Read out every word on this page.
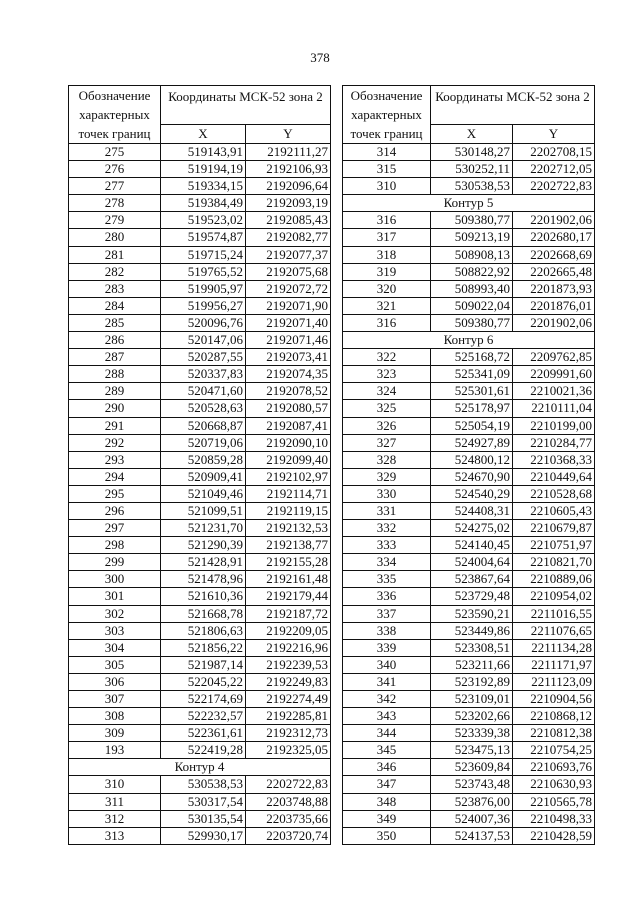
378
Обозначение характерных точек границ	Координаты МСК-52 зона 2	
	X	Y
275	519143,91	2192111,27
276	519194,19	2192106,93
277	519334,15	2192096,64
278	519384,49	2192093,19
279	519523,02	2192085,43
280	519574,87	2192082,77
281	519715,24	2192077,37
282	519765,52	2192075,68
283	519905,97	2192072,72
284	519956,27	2192071,90
285	520096,76	2192071,40
286	520147,06	2192071,46
287	520287,55	2192073,41
288	520337,83	2192074,35
289	520471,60	2192078,52
290	520528,63	2192080,57
291	520668,87	2192087,41
292	520719,06	2192090,10
293	520859,28	2192099,40
294	520909,41	2192102,97
295	521049,46	2192114,71
296	521099,51	2192119,15
297	521231,70	2192132,53
298	521290,39	2192138,77
299	521428,91	2192155,28
300	521478,96	2192161,48
301	521610,36	2192179,44
302	521668,78	2192187,72
303	521806,63	2192209,05
304	521856,22	2192216,96
305	521987,14	2192239,53
306	522045,22	2192249,83
307	522174,69	2192274,49
308	522232,57	2192285,81
309	522361,61	2192312,73
193	522419,28	2192325,05
Контур 4		
310	530538,53	2202722,83
311	530317,54	2203748,88
312	530135,54	2203735,66
313	529930,17	2203720,74
Обозначение характерных точек границ	Координаты МСК-52 зона 2	
	X	Y
314	530148,27	2202708,15
315	530252,11	2202712,05
310	530538,53	2202722,83
Контур 5		
316	509380,77	2201902,06
317	509213,19	2202680,17
318	508908,13	2202668,69
319	508822,92	2202665,48
320	508993,40	2201873,93
321	509022,04	2201876,01
316	509380,77	2201902,06
Контур 6		
322	525168,72	2209762,85
323	525341,09	2209991,60
324	525301,61	2210021,36
325	525178,97	2210111,04
326	525054,19	2210199,00
327	524927,89	2210284,77
328	524800,12	2210368,33
329	524670,90	2210449,64
330	524540,29	2210528,68
331	524408,31	2210605,43
332	524275,02	2210679,87
333	524140,45	2210751,97
334	524004,64	2210821,70
335	523867,64	2210889,06
336	523729,48	2210954,02
337	523590,21	2211016,55
338	523449,86	2211076,65
339	523308,51	2211134,28
340	523211,66	2211171,97
341	523192,89	2211123,09
342	523109,01	2210904,56
343	523202,66	2210868,12
344	523339,38	2210812,38
345	523475,13	2210754,25
346	523609,84	2210693,76
347	523743,48	2210630,93
348	523876,00	2210565,78
349	524007,36	2210498,33
350	524137,53	2210428,59
